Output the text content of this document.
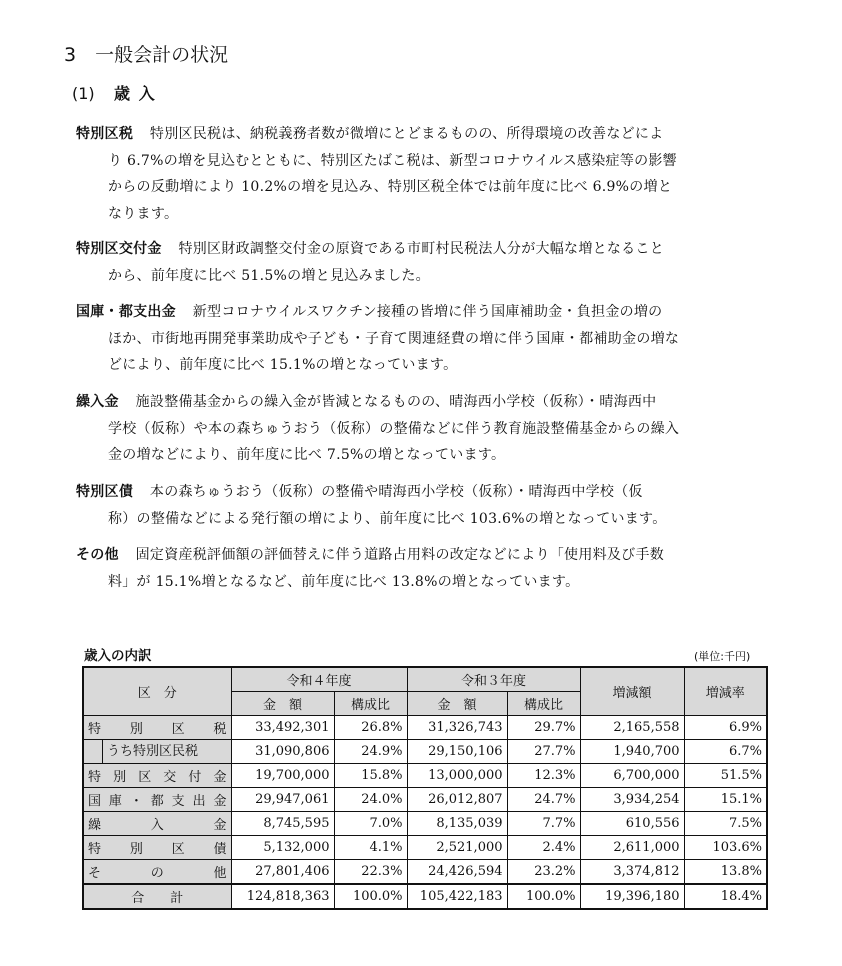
3　一般会計の状況
(1) 歳入
特別区税 特別区民税は、納税義務者数が微増にとどまるものの、所得環境の改善などによ
り 6.7%の増を見込むとともに、特別区たばこ税は、新型コロナウイルス感染症等の影響
からの反動増により 10.2%の増を見込み、特別区税全体では前年度に比べ 6.9%の増と
なります。
特別区交付金 特別区財政調整交付金の原資である市町村民税法人分が大幅な増となること
から、前年度に比べ 51.5%の増と見込みました。
国庫・都支出金 新型コロナウイルスワクチン接種の皆増に伴う国庫補助金・負担金の増の
ほか、市街地再開発事業助成や子ども・子育て関連経費の増に伴う国庫・都補助金の増な
どにより、前年度に比べ 15.1%の増となっています。
繰入金 施設整備基金からの繰入金が皆減となるものの、晴海西小学校（仮称）・晴海西中
学校（仮称）や本の森ちゅうおう（仮称）の整備などに伴う教育施設整備基金からの繰入
金の増などにより、前年度に比べ 7.5%の増となっています。
特別区債 本の森ちゅうおう（仮称）の整備や晴海西小学校（仮称）・晴海西中学校（仮
称）の整備などによる発行額の増により、前年度に比べ 103.6%の増となっています。
その他 固定資産税評価額の評価替えに伴う道路占用料の改定などにより「使用料及び手数
料」が 15.1%増となるなど、前年度に比べ 13.8%の増となっています。
歳入の内訳	(単位:千円)
区　分	令和４年度		令和３年度		増減額	増減率
	金　額	構成比	金　額	構成比		
特別区税	33,492,301	26.8%	31,326,743	29.7%	2,165,558	6.9%

うち特別区民税	31,090,806	24.9%	29,150,106	27.7%	1,940,700	6.7%
特別区交付金	19,700,000	15.8%	13,000,000	12.3%	6,700,000	51.5%
国庫・都支出金	29,947,061	24.0%	26,012,807	24.7%	3,934,254	15.1%
繰入金	8,745,595	7.0%	8,135,039	7.7%	610,556	7.5%
特別区債	5,132,000	4.1%	2,521,000	2.4%	2,611,000	103.6%
その他	27,801,406	22.3%	24,426,594	23.2%	3,374,812	13.8%
合　　計	124,818,363	100.0%	105,422,183	100.0%	19,396,180	18.4%
